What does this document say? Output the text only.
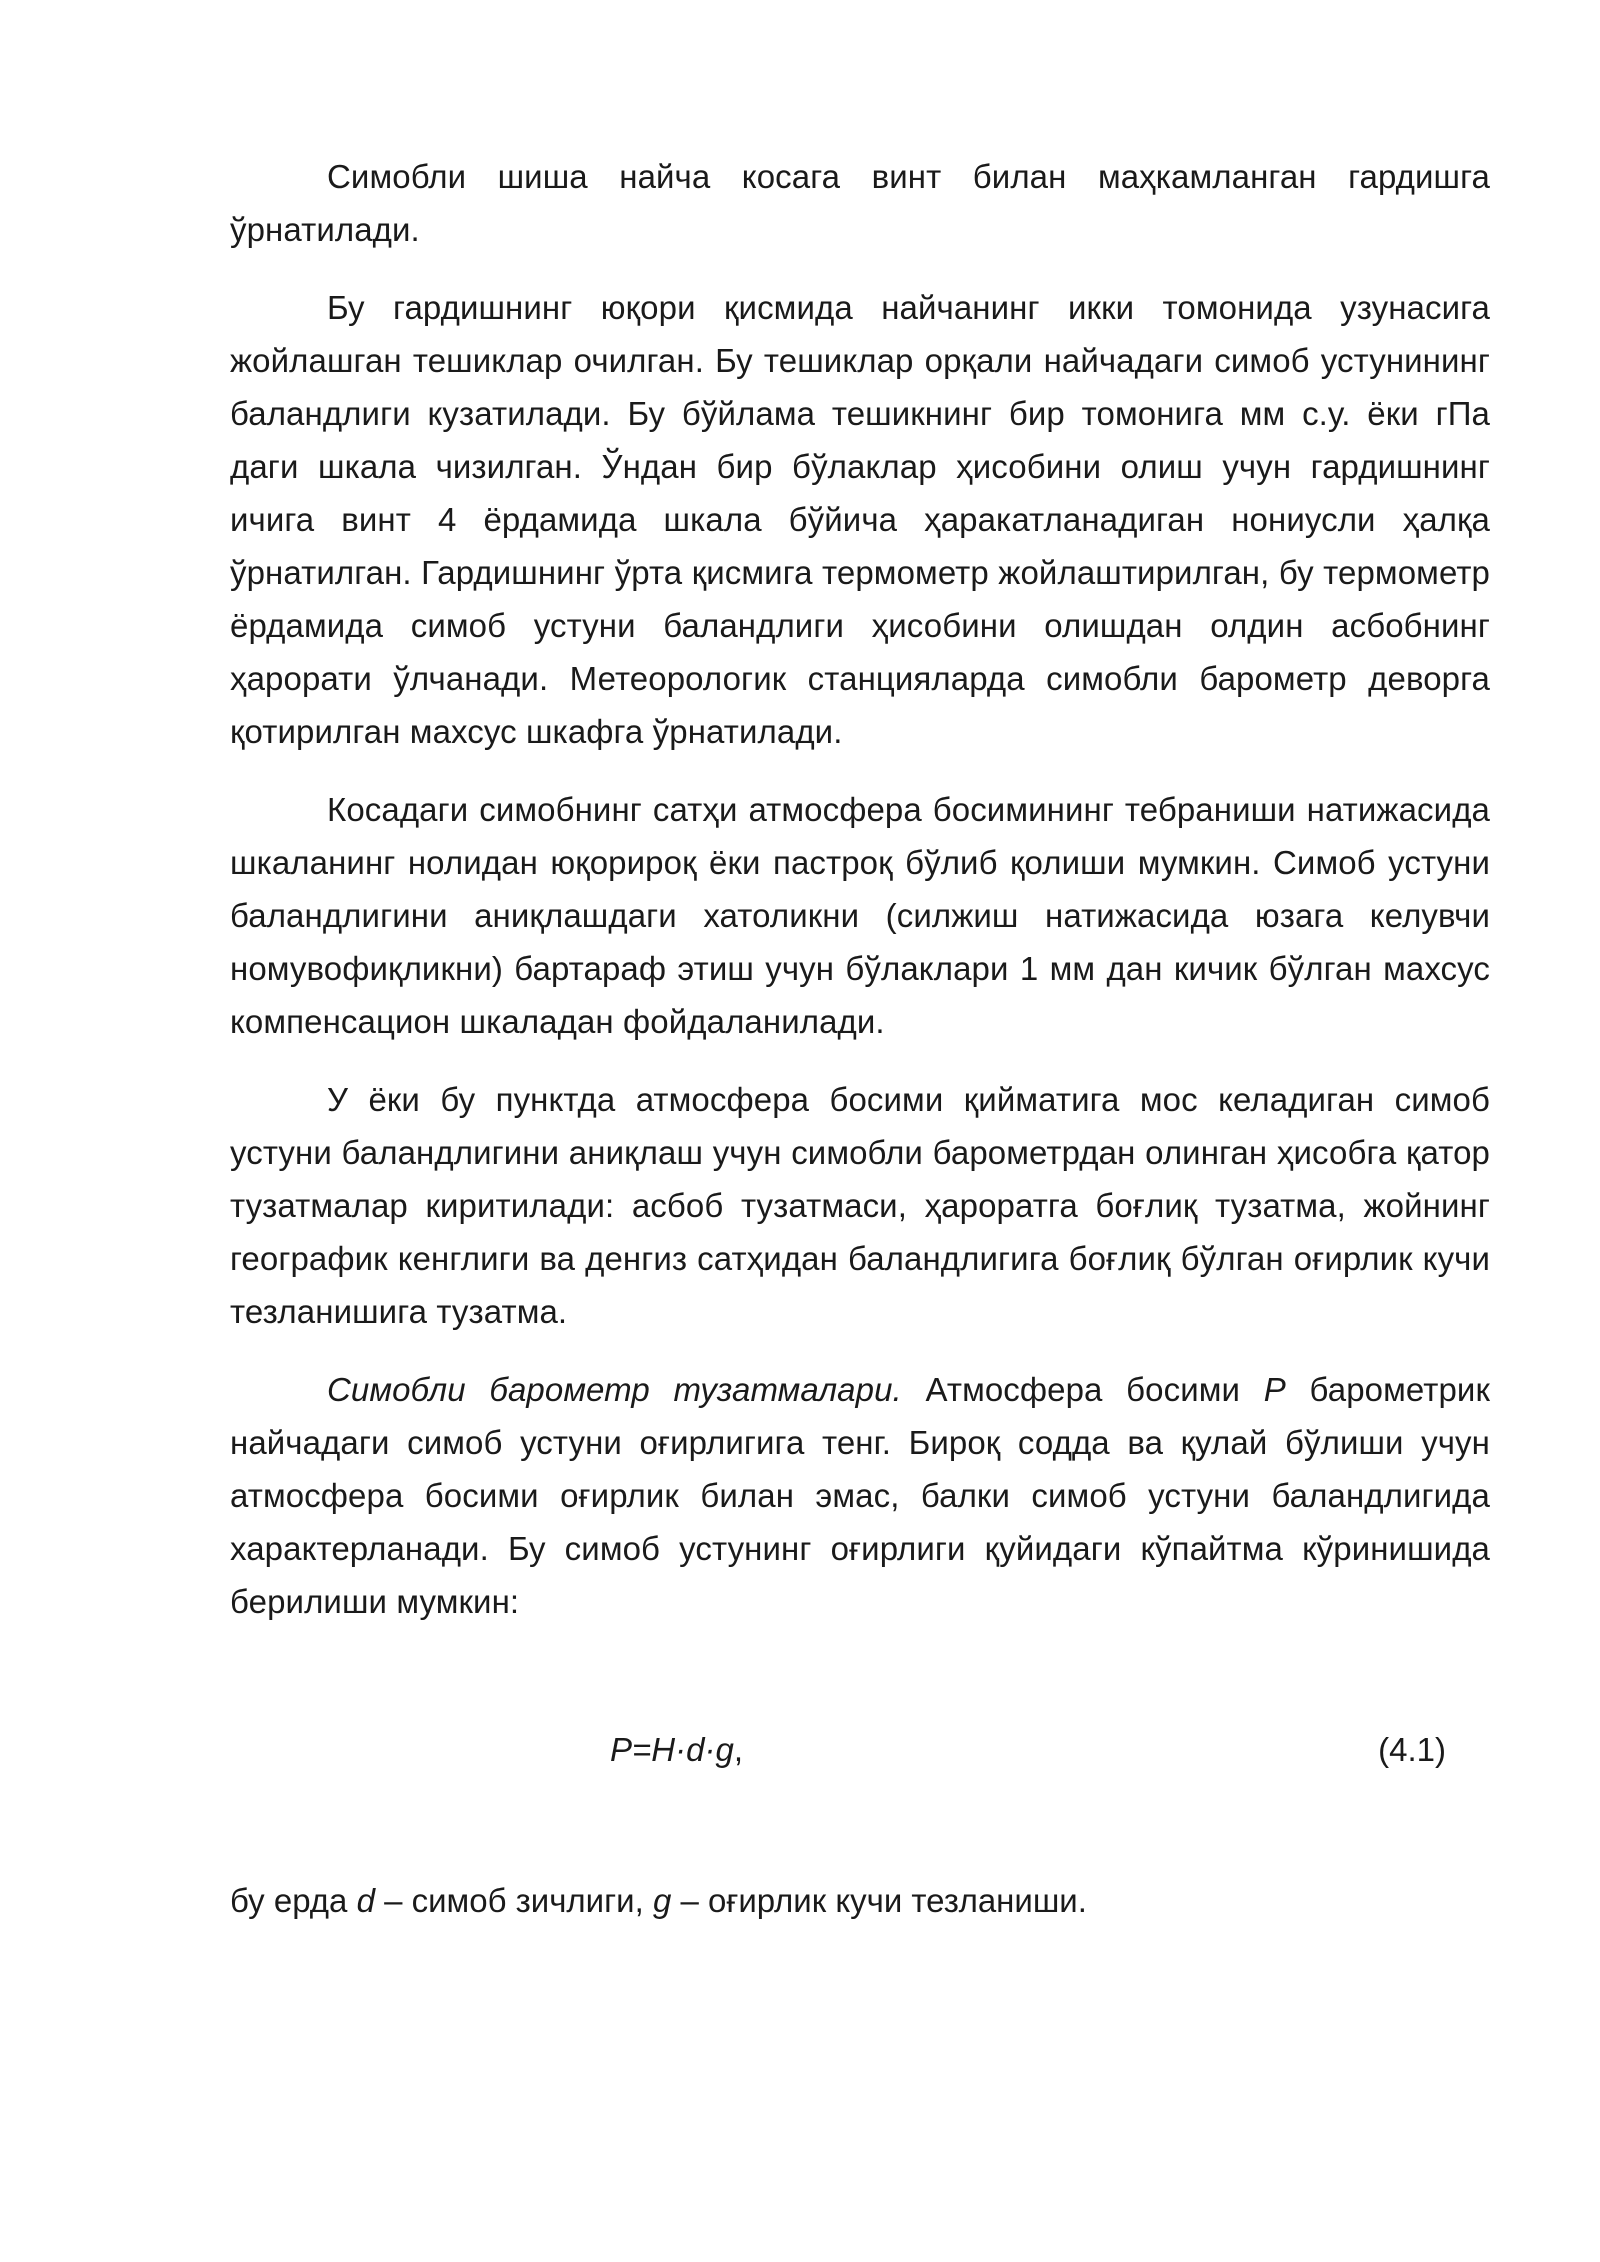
Симобли шиша найча косага винт билан маҳкамланган гардишга ўрнатилади.

Бу гардишнинг юқори қисмида найчанинг икки томонида узунасига жойлашган тешиклар очилган. Бу тешиклар орқали найчадаги симоб устунининг баландлиги кузатилади. Бу бўйлама тешикнинг бир томонига мм с.у. ёки гПа даги шкала чизилган. Ўндан бир бўлаклар ҳисобини олиш учун гардишнинг ичига винт 4 ёрдамида шкала бўйича ҳаракатланадиган нониусли ҳалқа ўрнатилган. Гардишнинг ўрта қисмига термометр жойлаштирилган, бу термометр ёрдамида симоб устуни баландлиги ҳисобини олишдан олдин асбобнинг ҳарорати ўлчанади. Метеорологик станцияларда симобли барометр деворга қотирилган махсус шкафга ўрнатилади.

Косадаги симобнинг сатҳи атмосфера босимининг тебраниши натижасида шкаланинг нолидан юқорироқ ёки пастроқ бўлиб қолиши мумкин. Симоб устуни баландлигини аниқлашдаги хатоликни (силжиш натижасида юзага келувчи номувофиқликни) бартараф этиш учун бўлаклари 1 мм дан кичик бўлган махсус компенсацион шкаладан фойдаланилади.

У ёки бу пунктда атмосфера босими қийматига мос келадиган симоб устуни баландлигини аниқлаш учун симобли барометрдан олинган ҳисобга қатор тузатмалар киритилади: асбоб тузатмаси, ҳароратга боғлиқ тузатма, жойнинг географик кенглиги ва денгиз сатҳидан баландлигига боғлиқ бўлган оғирлик кучи тезланишига тузатма.

Симобли барометр тузатмалари. Атмосфера босими P барометрик найчадаги симоб устуни оғирлигига тенг. Бироқ содда ва қулай бўлиши учун атмосфера босими оғирлик билан эмас, балки симоб устуни баландлигида характерланади. Бу симоб устунинг оғирлиги қуйидаги кўпайтма кўринишида берилиши мумкин:

P=H·d·g,	(4.1)

бу ерда d – симоб зичлиги, g – оғирлик кучи тезланиши.
